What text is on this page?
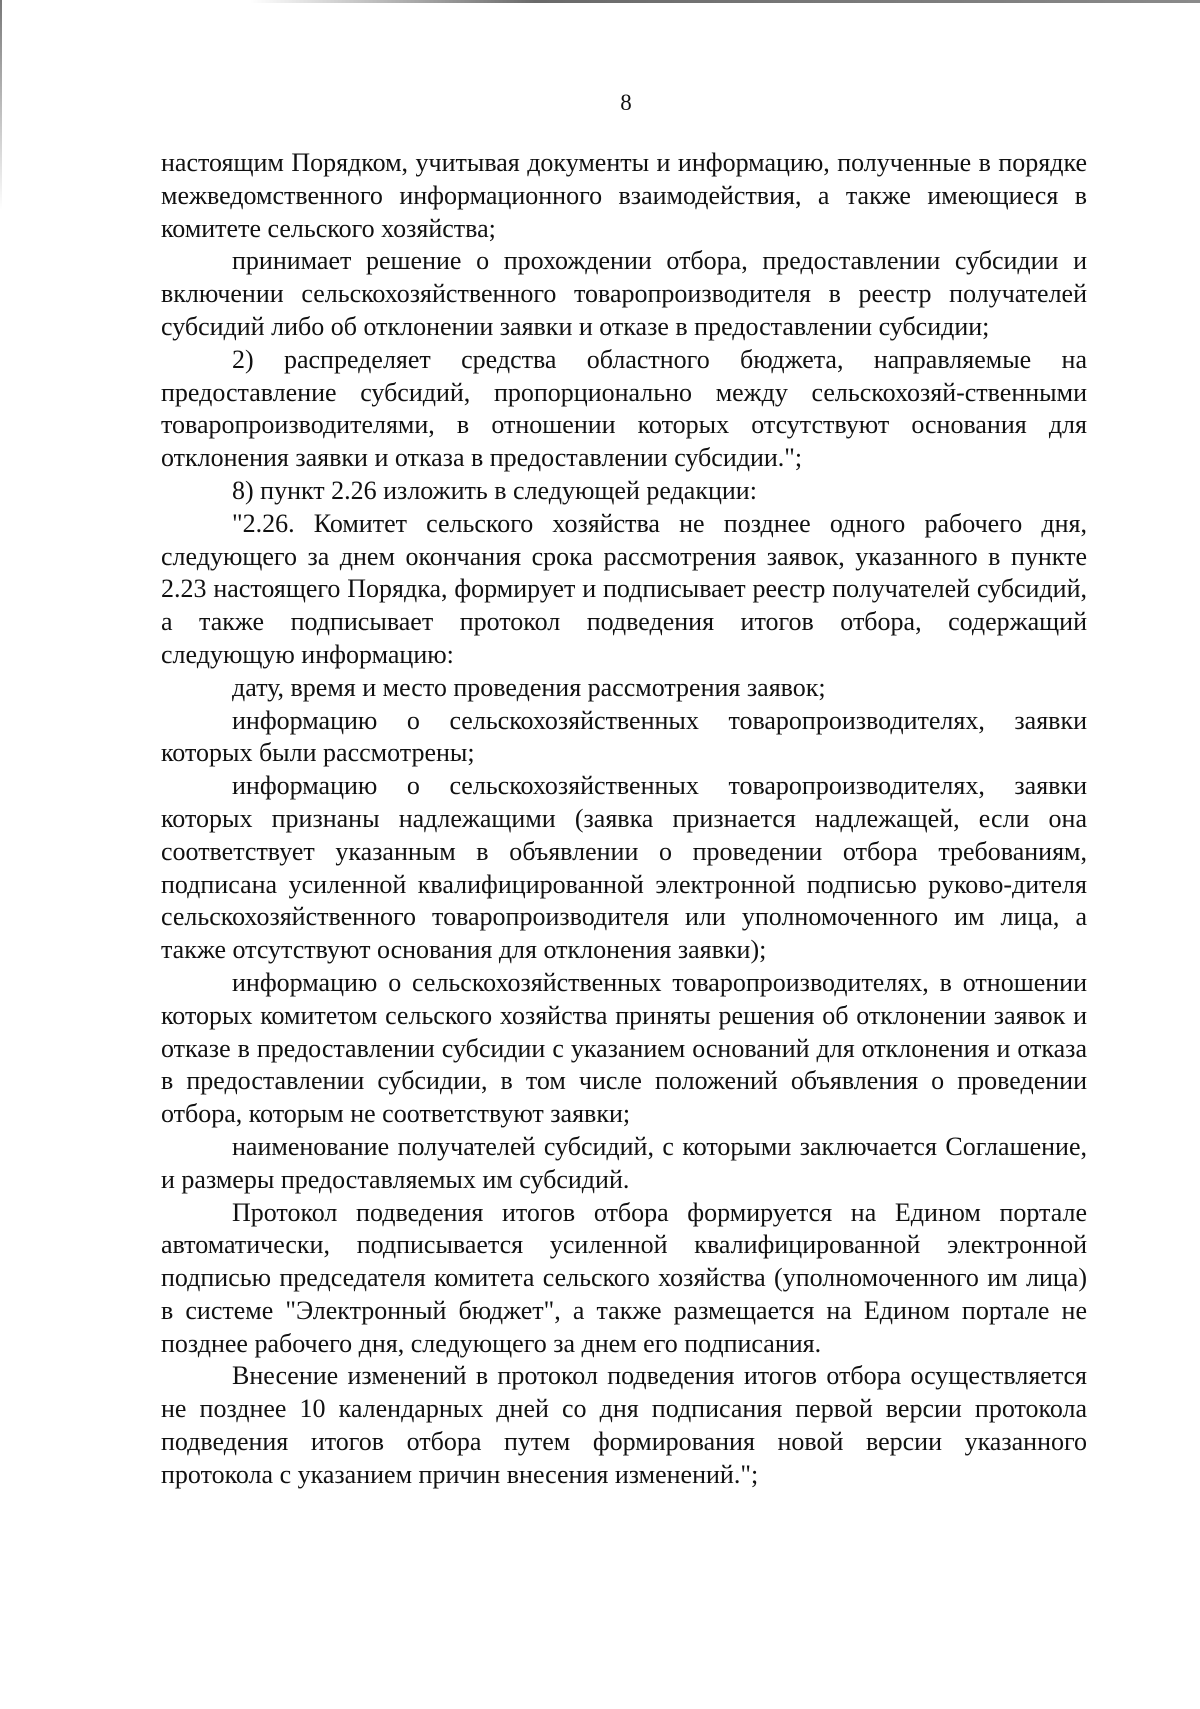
8

настоящим Порядком, учитывая документы и информацию, полученные в порядке межведомственного информационного взаимодействия, а также имеющиеся в комитете сельского хозяйства;

принимает решение о прохождении отбора, предоставлении субсидии и включении сельскохозяйственного товаропроизводителя в реестр получателей субсидий либо об отклонении заявки и отказе в предоставлении субсидии;

2) распределяет средства областного бюджета, направляемые на предоставление субсидий, пропорционально между сельскохозяй-ственными товаропроизводителями, в отношении которых отсутствуют основания для отклонения заявки и отказа в предоставлении субсидии.";

8) пункт 2.26 изложить в следующей редакции:

"2.26. Комитет сельского хозяйства не позднее одного рабочего дня, следующего за днем окончания срока рассмотрения заявок, указанного в пункте 2.23 настоящего Порядка, формирует и подписывает реестр получателей субсидий, а также подписывает протокол подведения итогов отбора, содержащий следующую информацию:

дату, время и место проведения рассмотрения заявок;

информацию о сельскохозяйственных товаропроизводителях, заявки которых были рассмотрены;

информацию о сельскохозяйственных товаропроизводителях, заявки которых признаны надлежащими (заявка признается надлежащей, если она соответствует указанным в объявлении о проведении отбора требованиям, подписана усиленной квалифицированной электронной подписью руково-дителя сельскохозяйственного товаропроизводителя или уполномоченного им лица, а также отсутствуют основания для отклонения заявки);

информацию о сельскохозяйственных товаропроизводителях, в отношении которых комитетом сельского хозяйства приняты решения об отклонении заявок и отказе в предоставлении субсидии с указанием оснований для отклонения и отказа в предоставлении субсидии, в том числе положений объявления о проведении отбора, которым не соответствуют заявки;

наименование получателей субсидий, с которыми заключается Соглашение, и размеры предоставляемых им субсидий.

Протокол подведения итогов отбора формируется на Едином портале автоматически, подписывается усиленной квалифицированной электронной подписью председателя комитета сельского хозяйства (уполномоченного им лица) в системе "Электронный бюджет", а также размещается на Едином портале не позднее рабочего дня, следующего за днем его подписания.

Внесение изменений в протокол подведения итогов отбора осуществляется не позднее 10 календарных дней со дня подписания первой версии протокола подведения итогов отбора путем формирования новой версии указанного протокола с указанием причин внесения изменений.";
